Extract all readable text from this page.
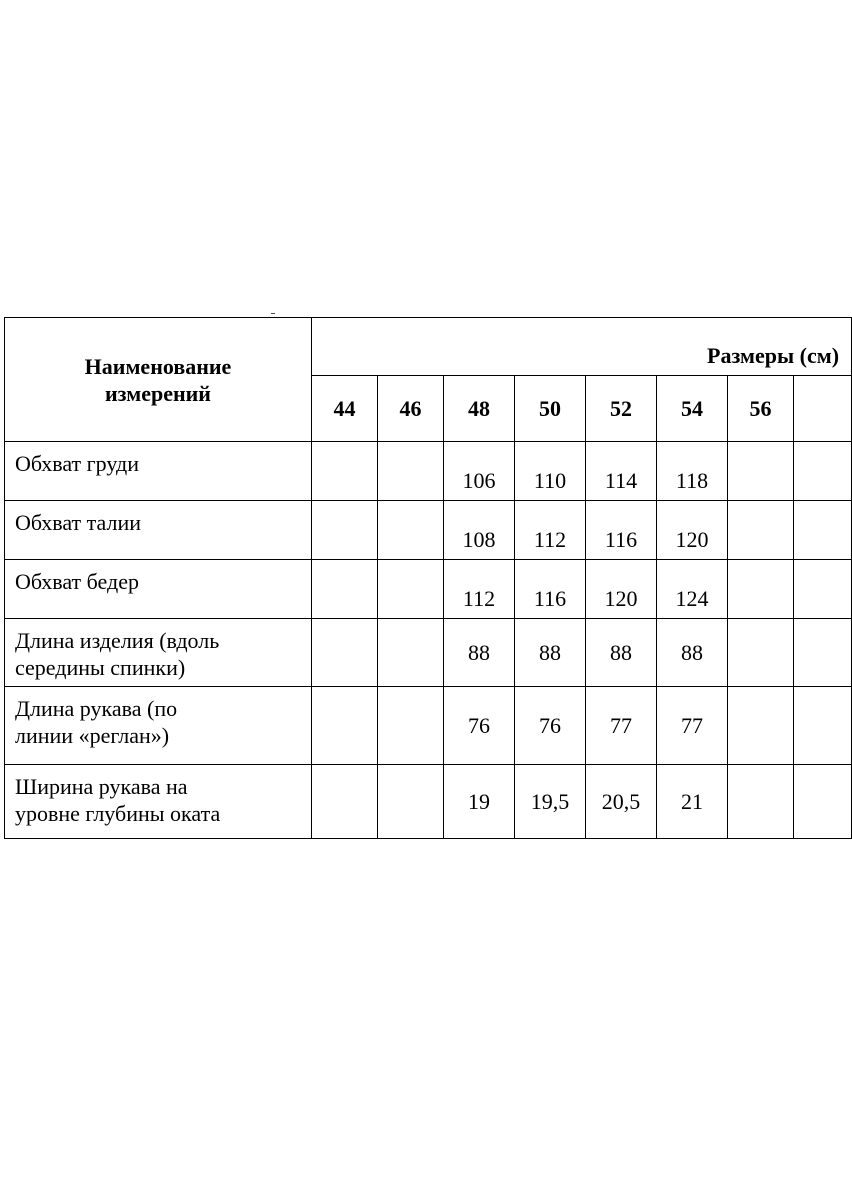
Наименование
измерений	Размеры (см)							
	44	46	48	50	52	54	56	
Обхват груди			106	110	114	118		
Обхват талии			108	112	116	120		
Обхват бедер			112	116	120	124		
Длина изделия (вдоль
середины спинки)			88	88	88	88		
Длина рукава (по
линии «реглан»)			76	76	77	77		
Ширина рукава на
уровне глубины оката			19	19,5	20,5	21		
